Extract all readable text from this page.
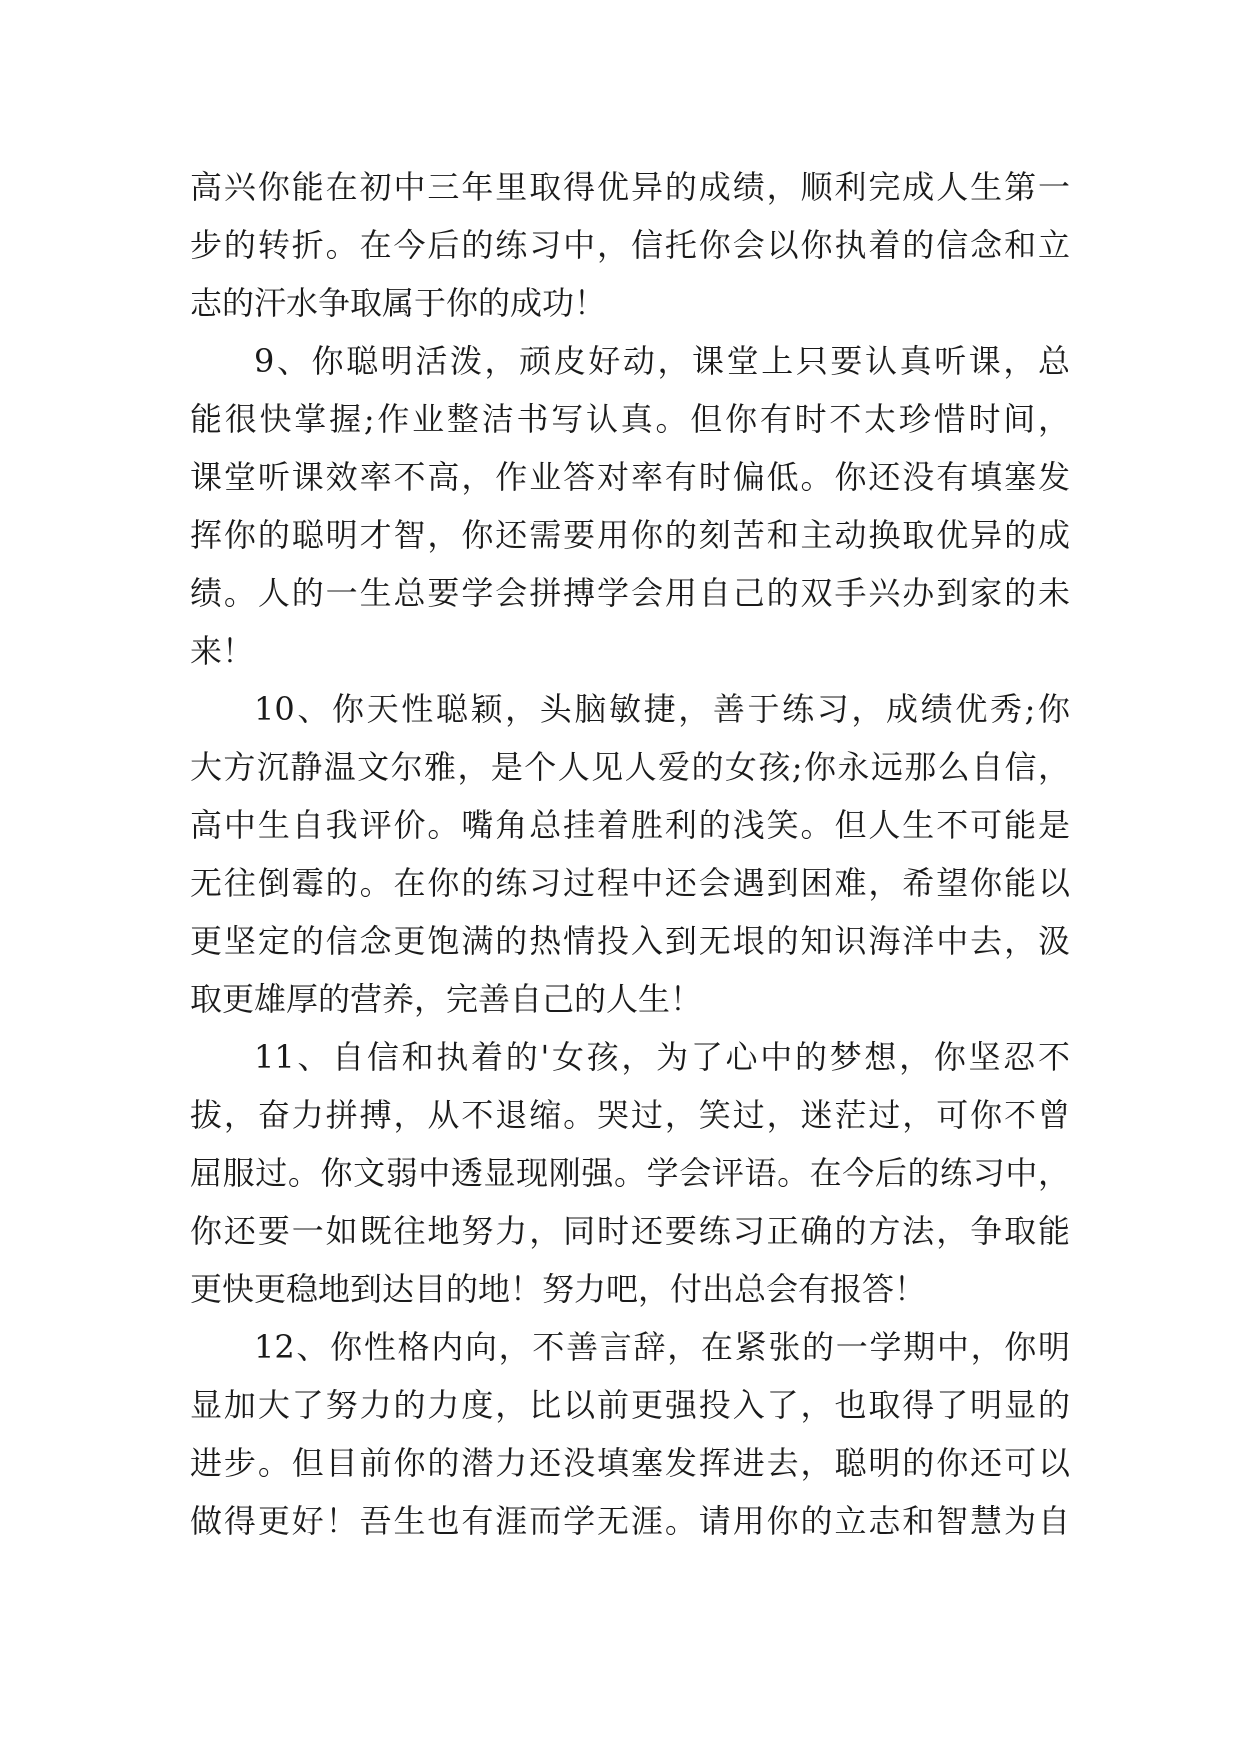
高兴你能在初中三年里取得优异的成绩，顺利完成人生第一
步的转折。在今后的练习中，信托你会以你执着的信念和立
志的汗水争取属于你的成功！
9、你聪明活泼，顽皮好动，课堂上只要认真听课，总
能很快掌握;作业整洁书写认真。但你有时不太珍惜时间，
课堂听课效率不高，作业答对率有时偏低。你还没有填塞发
挥你的聪明才智，你还需要用你的刻苦和主动换取优异的成
绩。人的一生总要学会拼搏学会用自己的双手兴办到家的未
来！
10、你天性聪颖，头脑敏捷，善于练习，成绩优秀;你
大方沉静温文尔雅，是个人见人爱的女孩;你永远那么自信，
高中生自我评价。嘴角总挂着胜利的浅笑。但人生不可能是
无往倒霉的。在你的练习过程中还会遇到困难，希望你能以
更坚定的信念更饱满的热情投入到无垠的知识海洋中去，汲
取更雄厚的营养，完善自己的人生！
11、自信和执着的'女孩，为了心中的梦想，你坚忍不
拔，奋力拼搏，从不退缩。哭过，笑过，迷茫过，可你不曾
屈服过。你文弱中透显现刚强。学会评语。在今后的练习中，
你还要一如既往地努力，同时还要练习正确的方法，争取能
更快更稳地到达目的地！努力吧，付出总会有报答！
12、你性格内向，不善言辞，在紧张的一学期中，你明
显加大了努力的力度，比以前更强投入了，也取得了明显的
进步。但目前你的潜力还没填塞发挥进去，聪明的你还可以
做得更好！吾生也有涯而学无涯。请用你的立志和智慧为自
